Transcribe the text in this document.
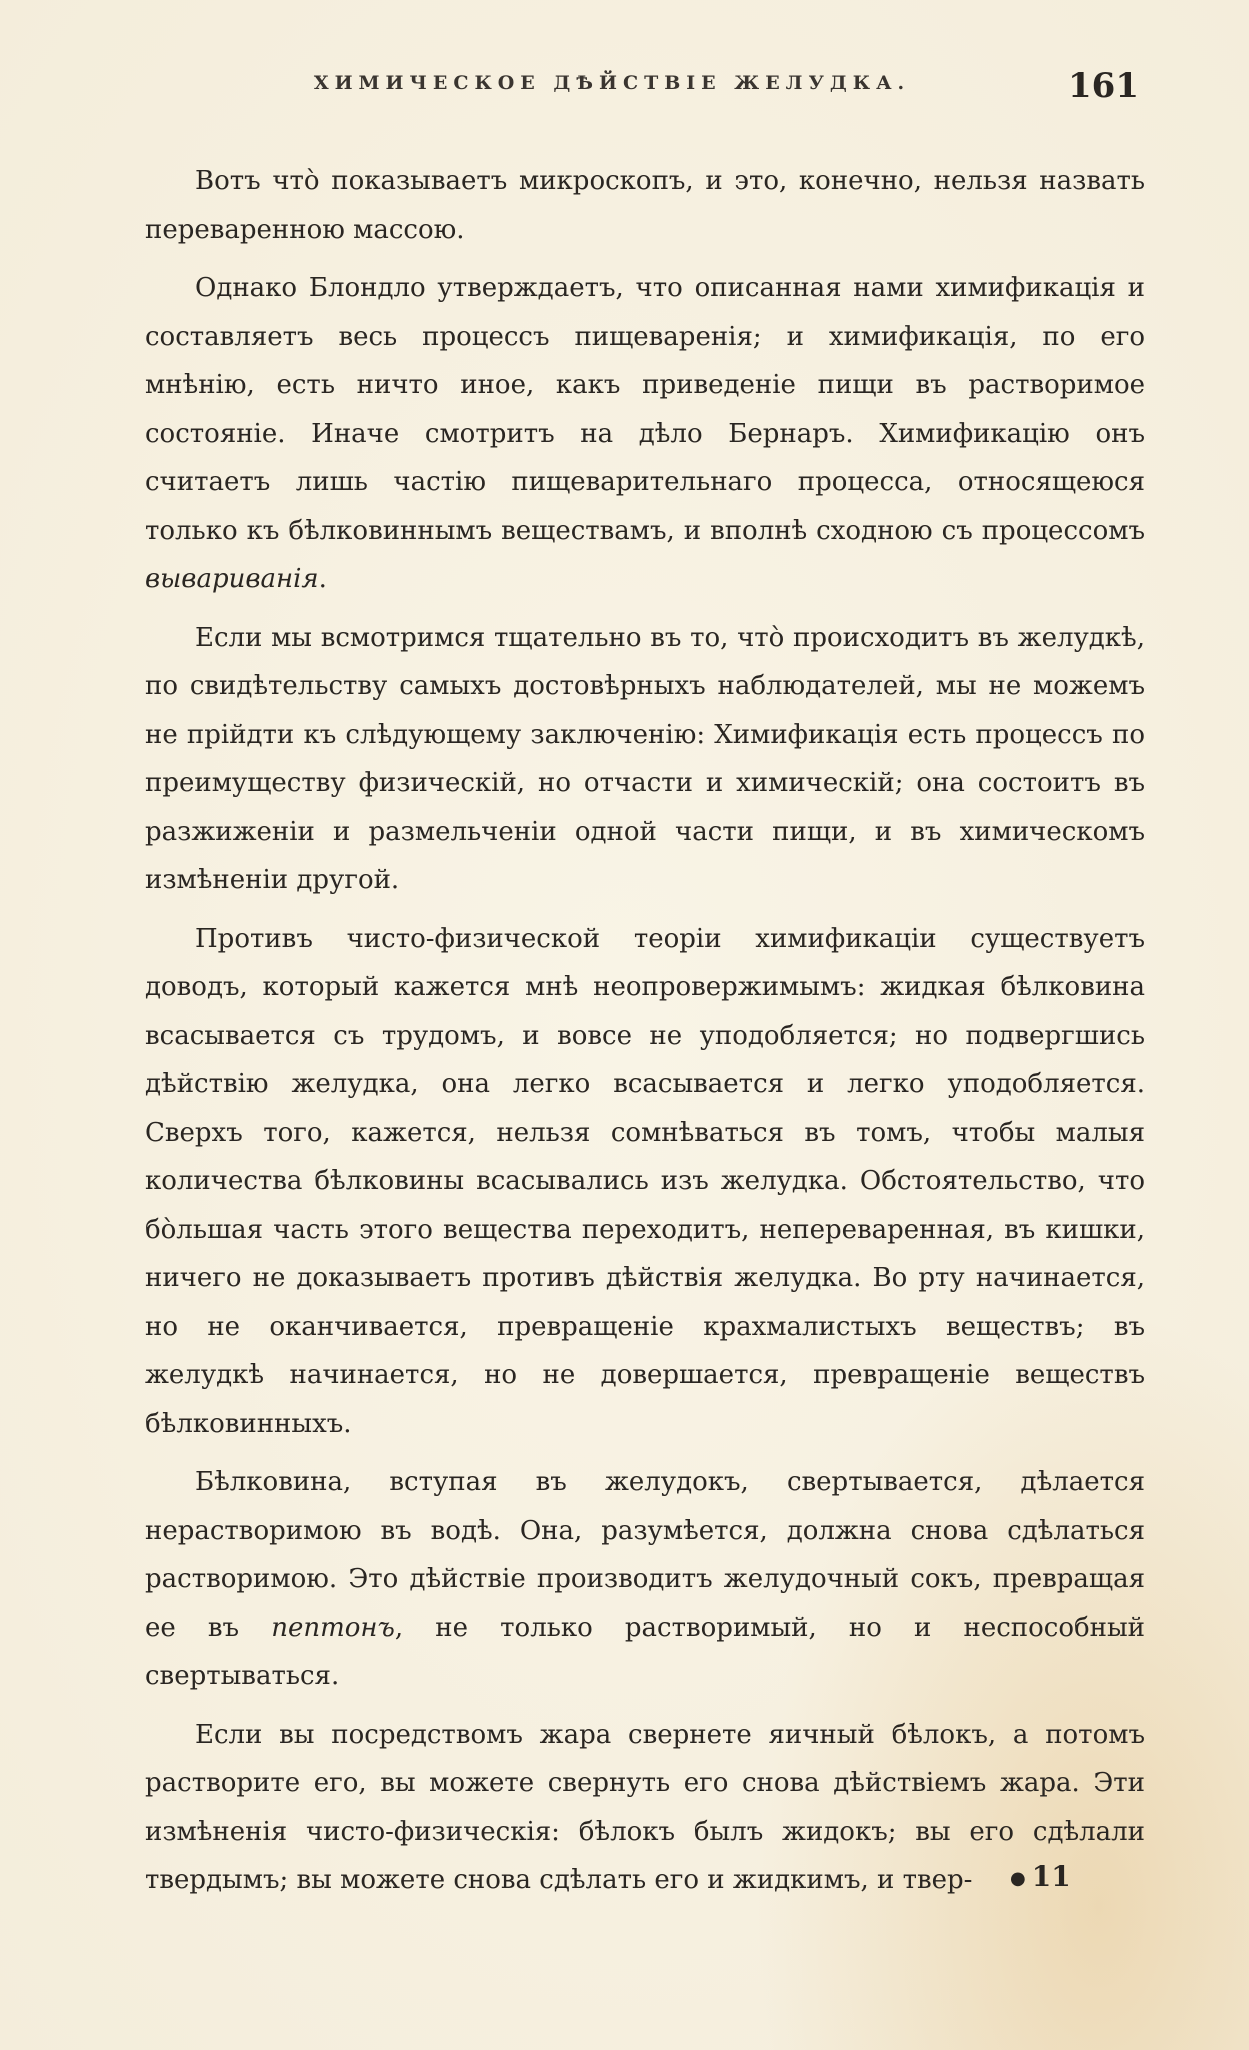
ХИМИЧЕСКОЕ ДѢЙСТВІЕ ЖЕЛУДКА.	161

Вотъ что̀ показываетъ микроскопъ, и это, конечно, нельзя назвать переваренною массою.

Однако Блондло утверждаетъ, что описанная нами химификація и составляетъ весь процессъ пищеваренія; и химификація, по его мнѣнію, есть ничто иное, какъ приведеніе пищи въ растворимое состояніе. Иначе смотритъ на дѣло Бернаръ. Химификацію онъ считаетъ лишь частію пищеварительнаго процесса, относящеюся только къ бѣлковиннымъ веществамъ, и вполнѣ сходною съ процессомъ вывариванія.

Если мы всмотримся тщательно въ то, что̀ происходитъ въ желудкѣ, по свидѣтельству самыхъ достовѣрныхъ наблюдателей, мы не можемъ не прійдти къ слѣдующему заключенію: Химификація есть процессъ по преимуществу физическій, но отчасти и химическій; она состоитъ въ разжиженіи и размельченіи одной части пищи, и въ химическомъ измѣненіи другой.

Противъ чисто-физической теоріи химификаціи существуетъ доводъ, который кажется мнѣ неопровержимымъ: жидкая бѣлковина всасывается съ трудомъ, и вовсе не уподобляется; но подвергшись дѣйствію желудка, она легко всасывается и легко уподобляется. Сверхъ того, кажется, нельзя сомнѣваться въ томъ, чтобы малыя количества бѣлковины всасывались изъ желудка. Обстоятельство, что бо̀льшая часть этого вещества переходитъ, непереваренная, въ кишки, ничего не доказываетъ противъ дѣйствія желудка. Во рту начинается, но не оканчивается, превращеніе крахмалистыхъ веществъ; въ желудкѣ начинается, но не довершается, превращеніе веществъ бѣлковинныхъ.

Бѣлковина, вступая въ желудокъ, свертывается, дѣлается нерастворимою въ водѣ. Она, разумѣется, должна снова сдѣлаться растворимою. Это дѣйствіе производитъ желудочный сокъ, превращая ее въ пептонъ, не только растворимый, но и неспособный свертываться.

Если вы посредствомъ жара свернете яичный бѣлокъ, а потомъ растворите его, вы можете свернуть его снова дѣйствіемъ жара. Эти измѣненія чисто-физическія: бѣлокъ былъ жидокъ; вы его сдѣлали твердымъ; вы можете снова сдѣлать его и жидкимъ, и твер-	● 11
